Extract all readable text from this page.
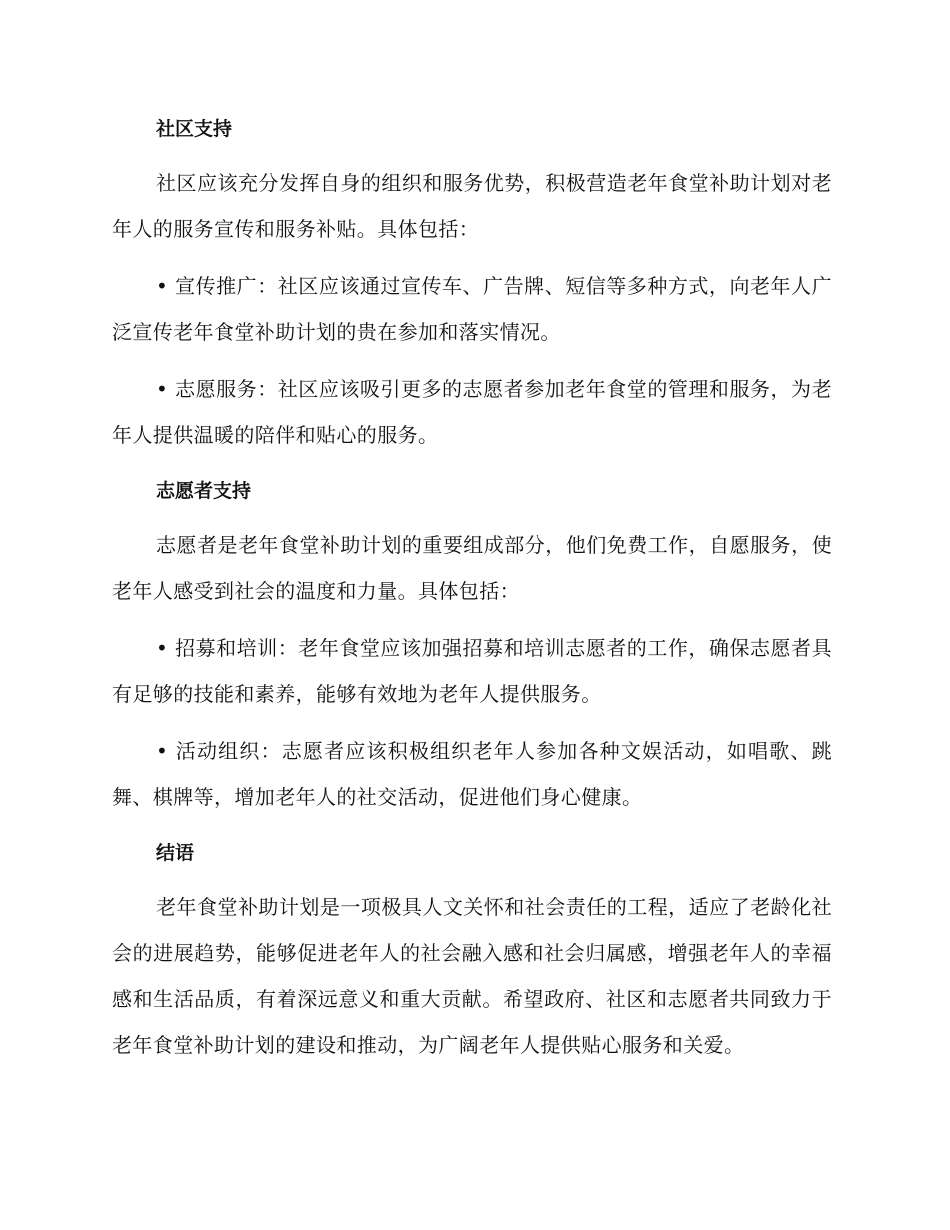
社区支持

社区应该充分发挥自身的组织和服务优势，积极营造老年食堂补助计划对老年人的服务宣传和服务补贴。具体包括：

• 宣传推广：社区应该通过宣传车、广告牌、短信等多种方式，向老年人广泛宣传老年食堂补助计划的贵在参加和落实情况。

• 志愿服务：社区应该吸引更多的志愿者参加老年食堂的管理和服务，为老年人提供温暖的陪伴和贴心的服务。

志愿者支持

志愿者是老年食堂补助计划的重要组成部分，他们免费工作，自愿服务，使老年人感受到社会的温度和力量。具体包括：

• 招募和培训：老年食堂应该加强招募和培训志愿者的工作，确保志愿者具有足够的技能和素养，能够有效地为老年人提供服务。

• 活动组织：志愿者应该积极组织老年人参加各种文娱活动，如唱歌、跳舞、棋牌等，增加老年人的社交活动，促进他们身心健康。

结语

老年食堂补助计划是一项极具人文关怀和社会责任的工程，适应了老龄化社会的进展趋势，能够促进老年人的社会融入感和社会归属感，增强老年人的幸福感和生活品质，有着深远意义和重大贡献。希望政府、社区和志愿者共同致力于老年食堂补助计划的建设和推动，为广阔老年人提供贴心服务和关爱。
